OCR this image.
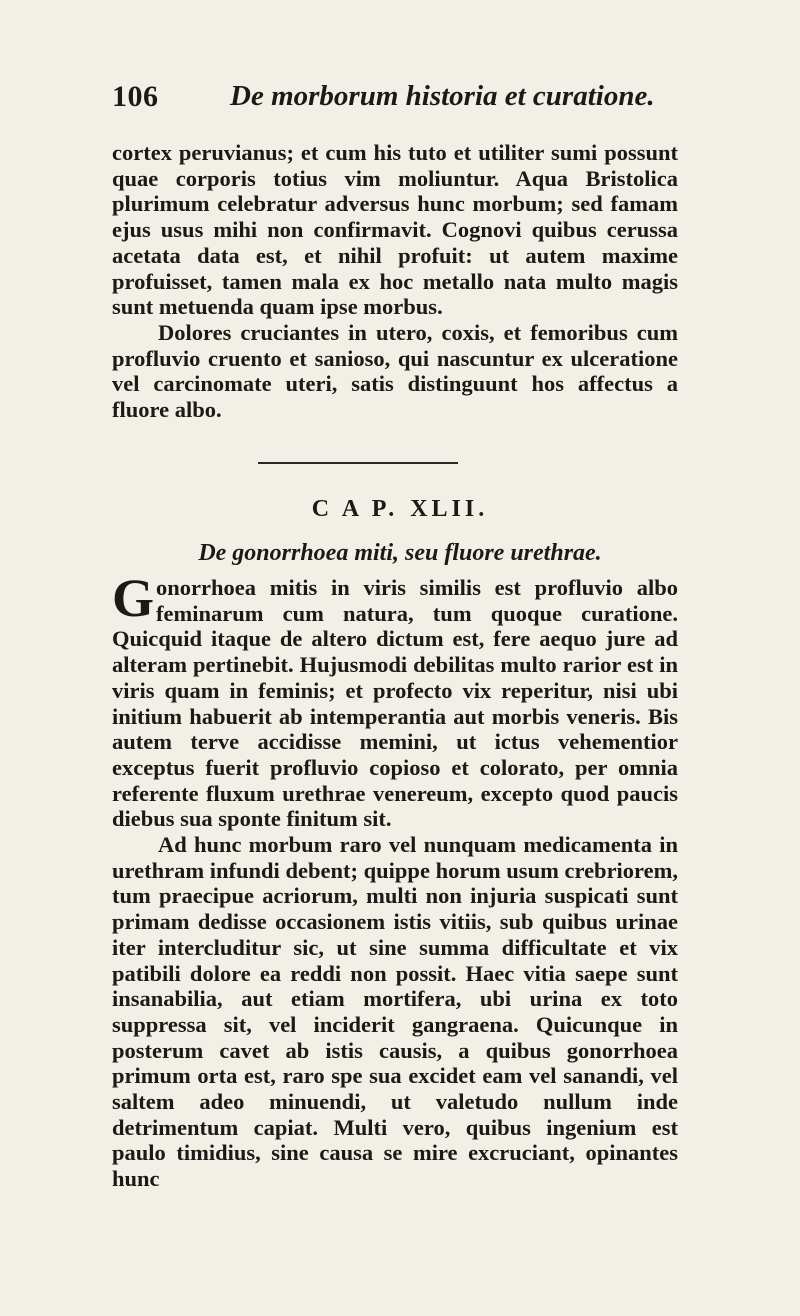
106 De morborum historia et curatione.

cortex peruvianus; et cum his tuto et utiliter sumi possunt quae corporis totius vim moliuntur. Aqua Bristolica plurimum celebratur adversus hunc morbum; sed famam ejus usus mihi non confirmavit. Cognovi quibus cerussa acetata data est, et nihil profuit: ut autem maxime profuisset, tamen mala ex hoc metallo nata multo magis sunt metuenda quam ipse morbus.

Dolores cruciantes in utero, coxis, et femoribus cum profluvio cruento et sanioso, qui nascuntur ex ulceratione vel carcinomate uteri, satis distinguunt hos affectus a fluore albo.

C A P. XLII.
De gonorrhoea miti, seu fluore urethrae.

Gonorrhoea mitis in viris similis est profluvio albo feminarum cum natura, tum quoque curatione. Quicquid itaque de altero dictum est, fere aequo jure ad alteram pertinebit. Hujusmodi debilitas multo rarior est in viris quam in feminis; et profecto vix reperitur, nisi ubi initium habuerit ab intemperantia aut morbis veneris. Bis autem terve accidisse memini, ut ictus vehementior exceptus fuerit profluvio copioso et colorato, per omnia referente fluxum urethrae venereum, excepto quod paucis diebus sua sponte finitum sit.

Ad hunc morbum raro vel nunquam medicamenta in urethram infundi debent; quippe horum usum crebriorem, tum praecipue acriorum, multi non injuria suspicati sunt primam dedisse occasionem istis vitiis, sub quibus urinae iter intercluditur sic, ut sine summa difficultate et vix patibili dolore ea reddi non possit. Haec vitia saepe sunt insanabilia, aut etiam mortifera, ubi urina ex toto suppressa sit, vel inciderit gangraena. Quicunque in posterum cavet ab istis causis, a quibus gonorrhoea primum orta est, raro spe sua excidet eam vel sanandi, vel saltem adeo minuendi, ut valetudo nullum inde detrimentum capiat. Multi vero, quibus ingenium est paulo timidius, sine causa se mire excruciant, opinantes hunc
